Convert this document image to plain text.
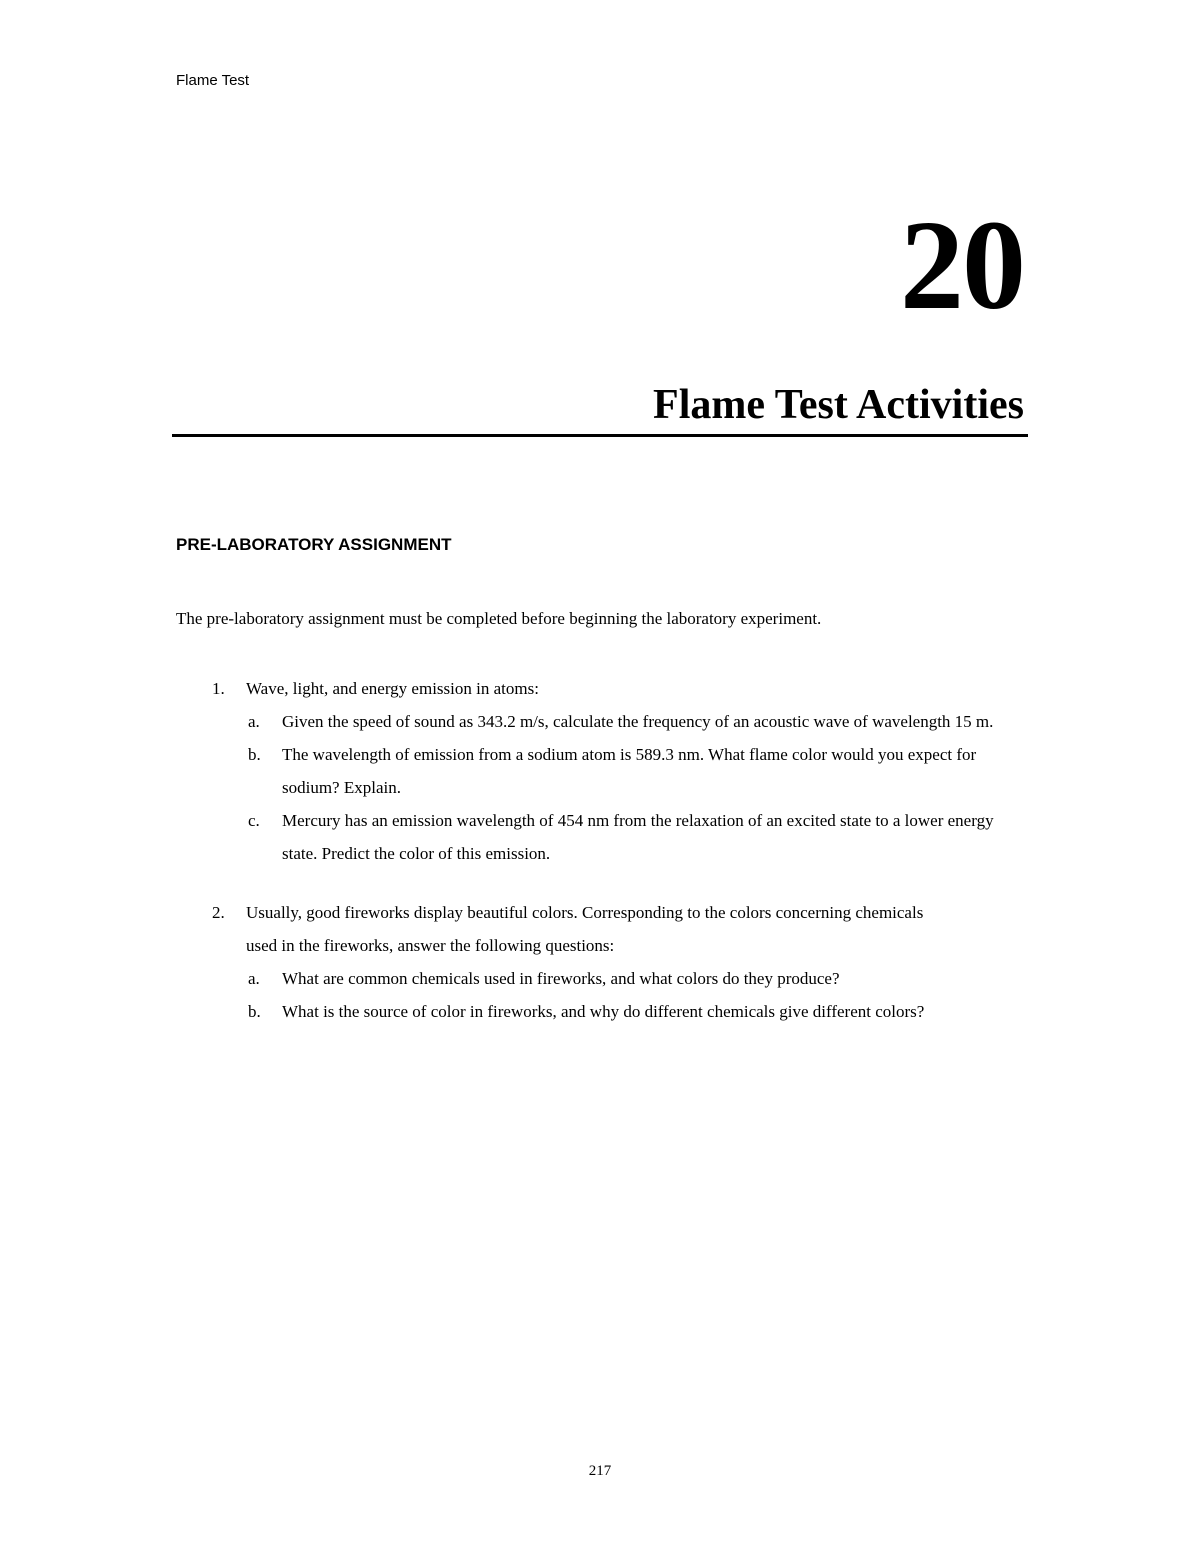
Flame Test
20
Flame Test Activities
PRE-LABORATORY ASSIGNMENT
The pre-laboratory assignment must be completed before beginning the laboratory experiment.
1. Wave, light, and energy emission in atoms:
a. Given the speed of sound as 343.2 m/s, calculate the frequency of an acoustic wave of wavelength 15 m.
b. The wavelength of emission from a sodium atom is 589.3 nm. What flame color would you expect for sodium? Explain.
c. Mercury has an emission wavelength of 454 nm from the relaxation of an excited state to a lower energy state. Predict the color of this emission.
2. Usually, good fireworks display beautiful colors. Corresponding to the colors concerning chemicals used in the fireworks, answer the following questions:
a. What are common chemicals used in fireworks, and what colors do they produce?
b. What is the source of color in fireworks, and why do different chemicals give different colors?
217
